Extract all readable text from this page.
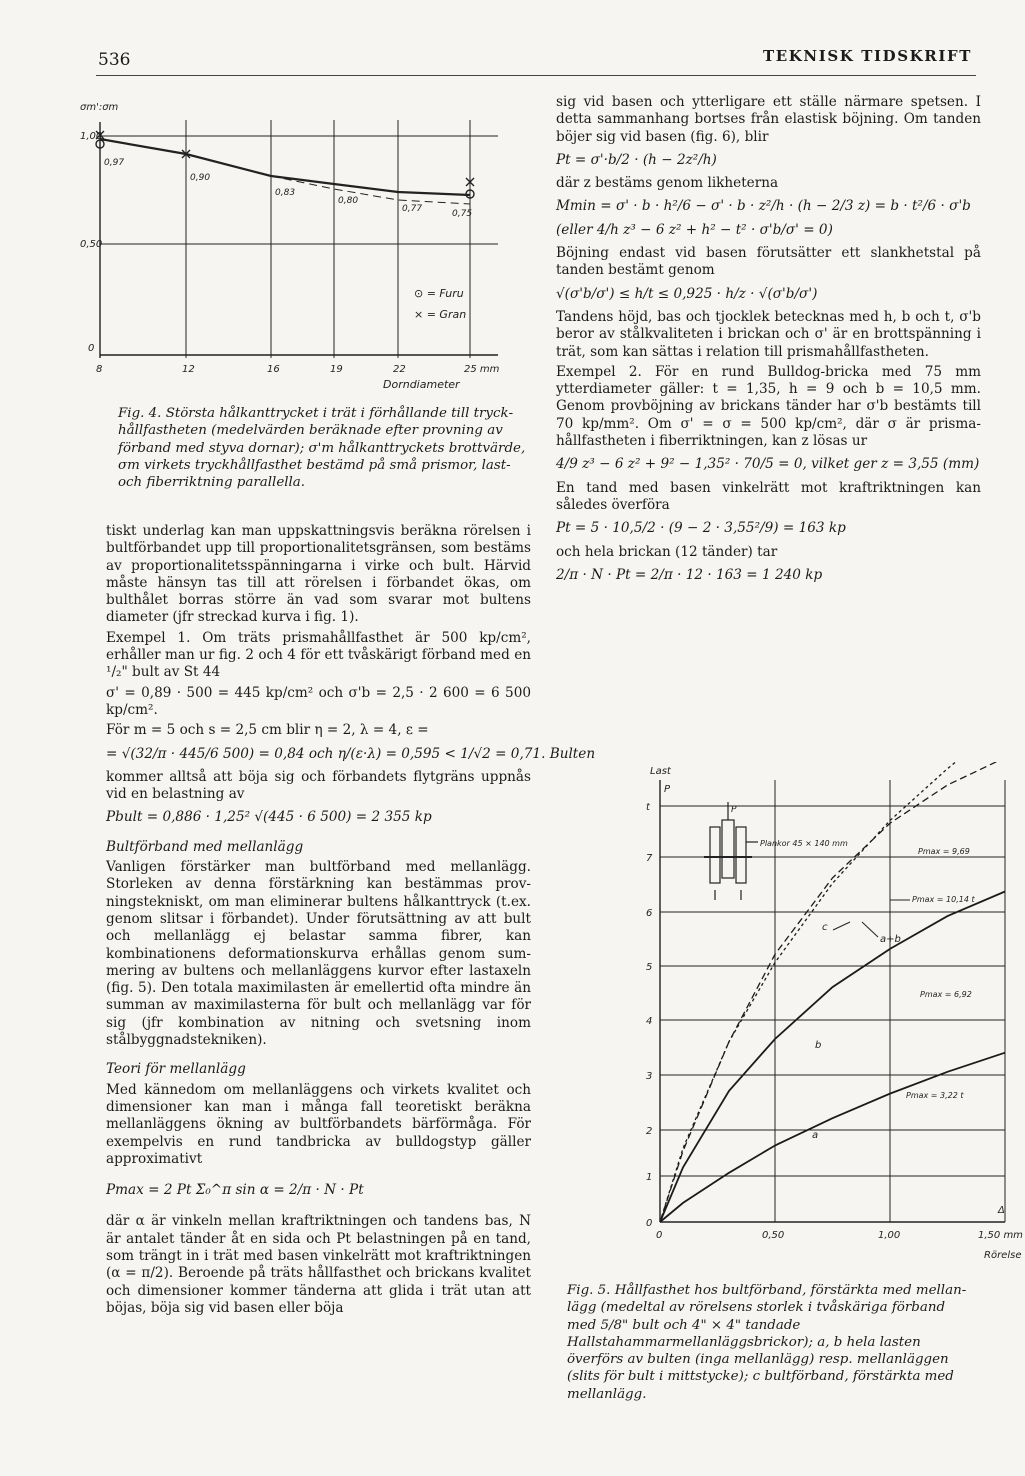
536	TEKNISK TIDSKRIFT
σm':σm
1,00
0,50
0
8	12	16	19	22	25 mm
Dorndiameter
0,97
0,90
0,83
0,80
0,77	0,75
⊙ = Furu
× = Gran
Fig. 4. Största hålkanttrycket i trät i förhållande till tryckhållfastheten (medelvärden beräknade efter provning av förband med styva dornar); σ'm hålkanttryckets brottvärde, σm virkets tryckhållfasthet bestämd på små prismor, last- och fiberriktning parallella.

tiskt underlag kan man uppskattningsvis beräkna rörelsen i bultförbandet upp till proportionalitetsgränsen, som bestäms av proportionalitetsspänningarna i virke och bult. Härvid måste hänsyn tas till att rörelsen i förbandet ökas, om bulthålet borras större än vad som svarar mot bultens diameter (jfr streckad kurva i fig. 1).

Exempel 1. Om träts prismahållfasthet är 500 kp/cm², erhåller man ur fig. 2 och 4 för ett tvåskärigt förband med en ¹/₂" bult av St 44

σ' = 0,89 · 500 = 445 kp/cm² och σ'b = 2,5 · 2 600 = 6 500 kp/cm².

För m = 5 och s = 2,5 cm blir η = 2, λ = 4, ε =

= √(32/π · 445/6 500) = 0,84 och η/(ε·λ) = 0,595 < 1/√2 = 0,71. Bulten

kommer alltså att böja sig och förbandets flytgräns uppnås vid en belastning av

Pbult = 0,886 · 1,25² √(445 · 6 500) = 2 355 kp

Bultförband med mellanlägg

Vanligen förstärker man bultförband med mellanlägg. Storleken av denna förstärkning kan bestämmas provningstekniskt, om man eliminerar bultens hålkanttryck (t.ex. genom slitsar i förbandet). Under förutsättning av att bult och mellanlägg ej belastar samma fibrer, kan kombinationens deformationskurva erhållas genom summering av bultens och mellanläggens kurvor efter lastaxeln (fig. 5). Den totala maximilasten är emellertid ofta mindre än summan av maximilasterna för bult och mellanlägg var för sig (jfr kombination av nitning och svetsning inom stålbyggnadstekniken).

Teori för mellanlägg

Med kännedom om mellanläggens och virkets kvalitet och dimensioner kan man i många fall teoretiskt beräkna mellanläggens ökning av bultförbandets bärförmåga. För exempelvis en rund tandbricka av bulldogstyp gäller approximativt

Pmax = 2 Pt Σ₀^π sin α = 2/π · N · Pt

där α är vinkeln mellan kraftriktningen och tandens bas, N är antalet tänder åt en sida och Pt belastningen på en tand, som trängt in i trät med basen vinkelrätt mot kraftriktningen (α = π/2). Beroende på träts hållfasthet och brickans kvalitet och dimensioner kommer tänderna att glida i trät utan att böjas, böja sig vid basen eller böja

sig vid basen och ytterligare ett ställe närmare spetsen. I detta sammanhang bortses från elastisk böjning. Om tanden böjer sig vid basen (fig. 6), blir

Pt = σ'·b/2 · (h − 2z²/h)

där z bestäms genom likheterna

Mmin = σ' · b · h²/6 − σ' · b · z²/h · (h − 2/3 z) = b · t²/6 · σ'b

(eller 4/h z³ − 6 z² + h² − t² · σ'b/σ' = 0)

Böjning endast vid basen förutsätter ett slankhetstal på tanden bestämt genom

√(σ'b/σ') ≤ h/t ≤ 0,925 · h/z · √(σ'b/σ')

Tandens höjd, bas och tjocklek betecknas med h, b och t, σ'b beror av stålkvaliteten i brickan och σ' är en brottspänning i trät, som kan sättas i relation till prismahållfastheten.

Exempel 2. För en rund Bulldog-bricka med 75 mm ytterdiameter gäller: t = 1,35, h = 9 och b = 10,5 mm. Genom provböjning av brickans tänder har σ'b bestämts till 70 kp/mm². Om σ' = σ = 500 kp/cm², där σ är prismahållfastheten i fiberriktningen, kan z lösas ur

4/9 z³ − 6 z² + 9² − 1,35² · 70/5 = 0, vilket ger z = 3,55 (mm)

En tand med basen vinkelrätt mot kraftriktningen kan således överföra

Pt = 5 · 10,5/2 · (9 − 2 · 3,55²/9) = 163 kp

och hela brickan (12 tänder) tar

2/π · N · Pt = 2/π · 12 · 163 = 1 240 kp

Last
P
t
7
6
5
4
3
2
1
0
0	0,50	1,00	1,50 mm
Δ
Rörelse
Plankor 45 × 140 mm
P
c
a+b
b
a
Pmax = 9,69
Pmax = 10,14 t
Pmax = 6,92
Pmax = 3,22 t
Fig. 5. Hållfasthet hos bultförband, förstärkta med mellanlägg (medeltal av rörelsens storlek i tvåskäriga förband med 5/8" bult och 4" × 4" tandade Hallstahammarmellanläggsbrickor); a, b hela lasten överförs av bulten (inga mellanlägg) resp. mellanläggen (slits för bult i mittstycke); c bultförband, förstärkta med mellanlägg.
